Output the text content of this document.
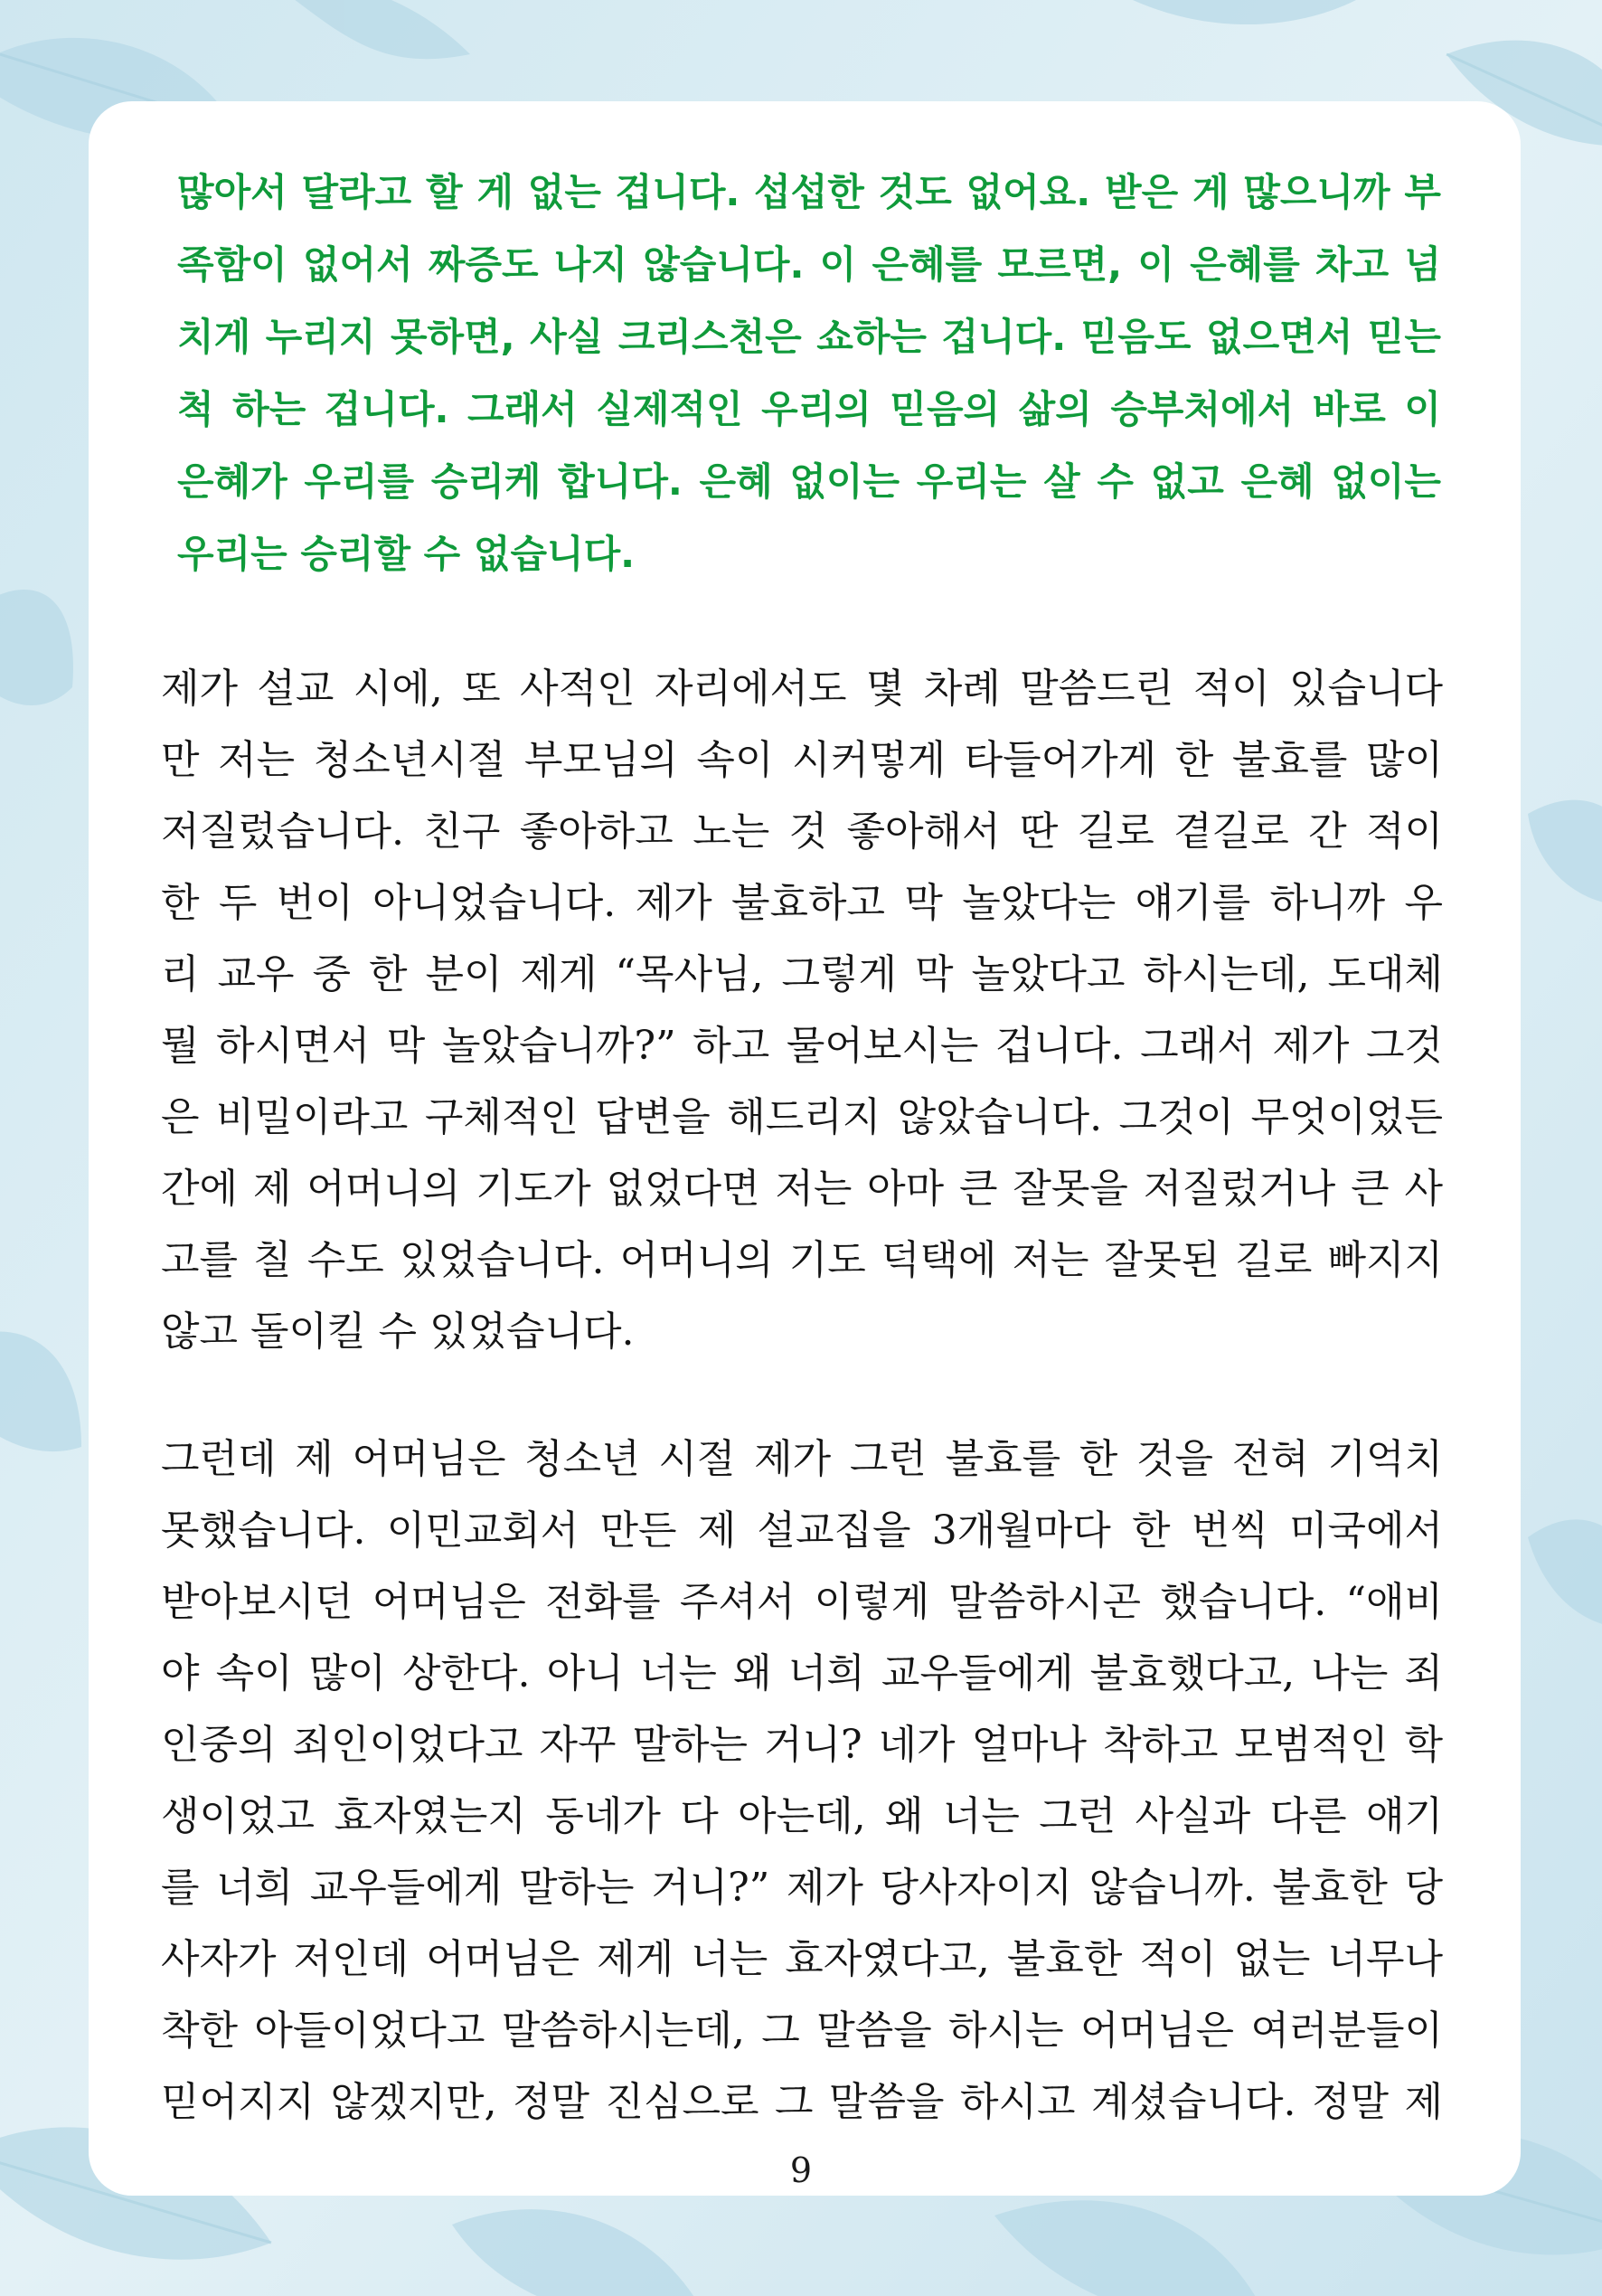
많아서 달라고 할 게 없는 겁니다. 섭섭한 것도 없어요. 받은 게 많으니까 부
족함이 없어서 짜증도 나지 않습니다. 이 은혜를 모르면, 이 은혜를 차고 넘
치게 누리지 못하면, 사실 크리스천은 쇼하는 겁니다. 믿음도 없으면서 믿는
척 하는 겁니다. 그래서 실제적인 우리의 믿음의 삶의 승부처에서 바로 이
은혜가 우리를 승리케 합니다. 은혜 없이는 우리는 살 수 없고 은혜 없이는
우리는 승리할 수 없습니다.
제가 설교 시에, 또 사적인 자리에서도 몇 차례 말씀드린 적이 있습니다
만 저는 청소년시절 부모님의 속이 시커멓게 타들어가게 한 불효를 많이
저질렀습니다. 친구 좋아하고 노는 것 좋아해서 딴 길로 곁길로 간 적이
한 두 번이 아니었습니다. 제가 불효하고 막 놀았다는 얘기를 하니까 우
리 교우 중 한 분이 제게 “목사님, 그렇게 막 놀았다고 하시는데, 도대체
뭘 하시면서 막 놀았습니까?” 하고 물어보시는 겁니다. 그래서 제가 그것
은 비밀이라고 구체적인 답변을 해드리지 않았습니다. 그것이 무엇이었든
간에 제 어머니의 기도가 없었다면 저는 아마 큰 잘못을 저질렀거나 큰 사
고를 칠 수도 있었습니다. 어머니의 기도 덕택에 저는 잘못된 길로 빠지지
않고 돌이킬 수 있었습니다.
그런데 제 어머님은 청소년 시절 제가 그런 불효를 한 것을 전혀 기억치
못했습니다. 이민교회서 만든 제 설교집을 3개월마다 한 번씩 미국에서
받아보시던 어머님은 전화를 주셔서 이렇게 말씀하시곤 했습니다. “애비
야 속이 많이 상한다. 아니 너는 왜 너희 교우들에게 불효했다고, 나는 죄
인중의 죄인이었다고 자꾸 말하는 거니? 네가 얼마나 착하고 모범적인 학
생이었고 효자였는지 동네가 다 아는데, 왜 너는 그런 사실과 다른 얘기
를 너희 교우들에게 말하는 거니?” 제가 당사자이지 않습니까. 불효한 당
사자가 저인데 어머님은 제게 너는 효자였다고, 불효한 적이 없는 너무나
착한 아들이었다고 말씀하시는데, 그 말씀을 하시는 어머님은 여러분들이
믿어지지 않겠지만, 정말 진심으로 그 말씀을 하시고 계셨습니다. 정말 제
9
